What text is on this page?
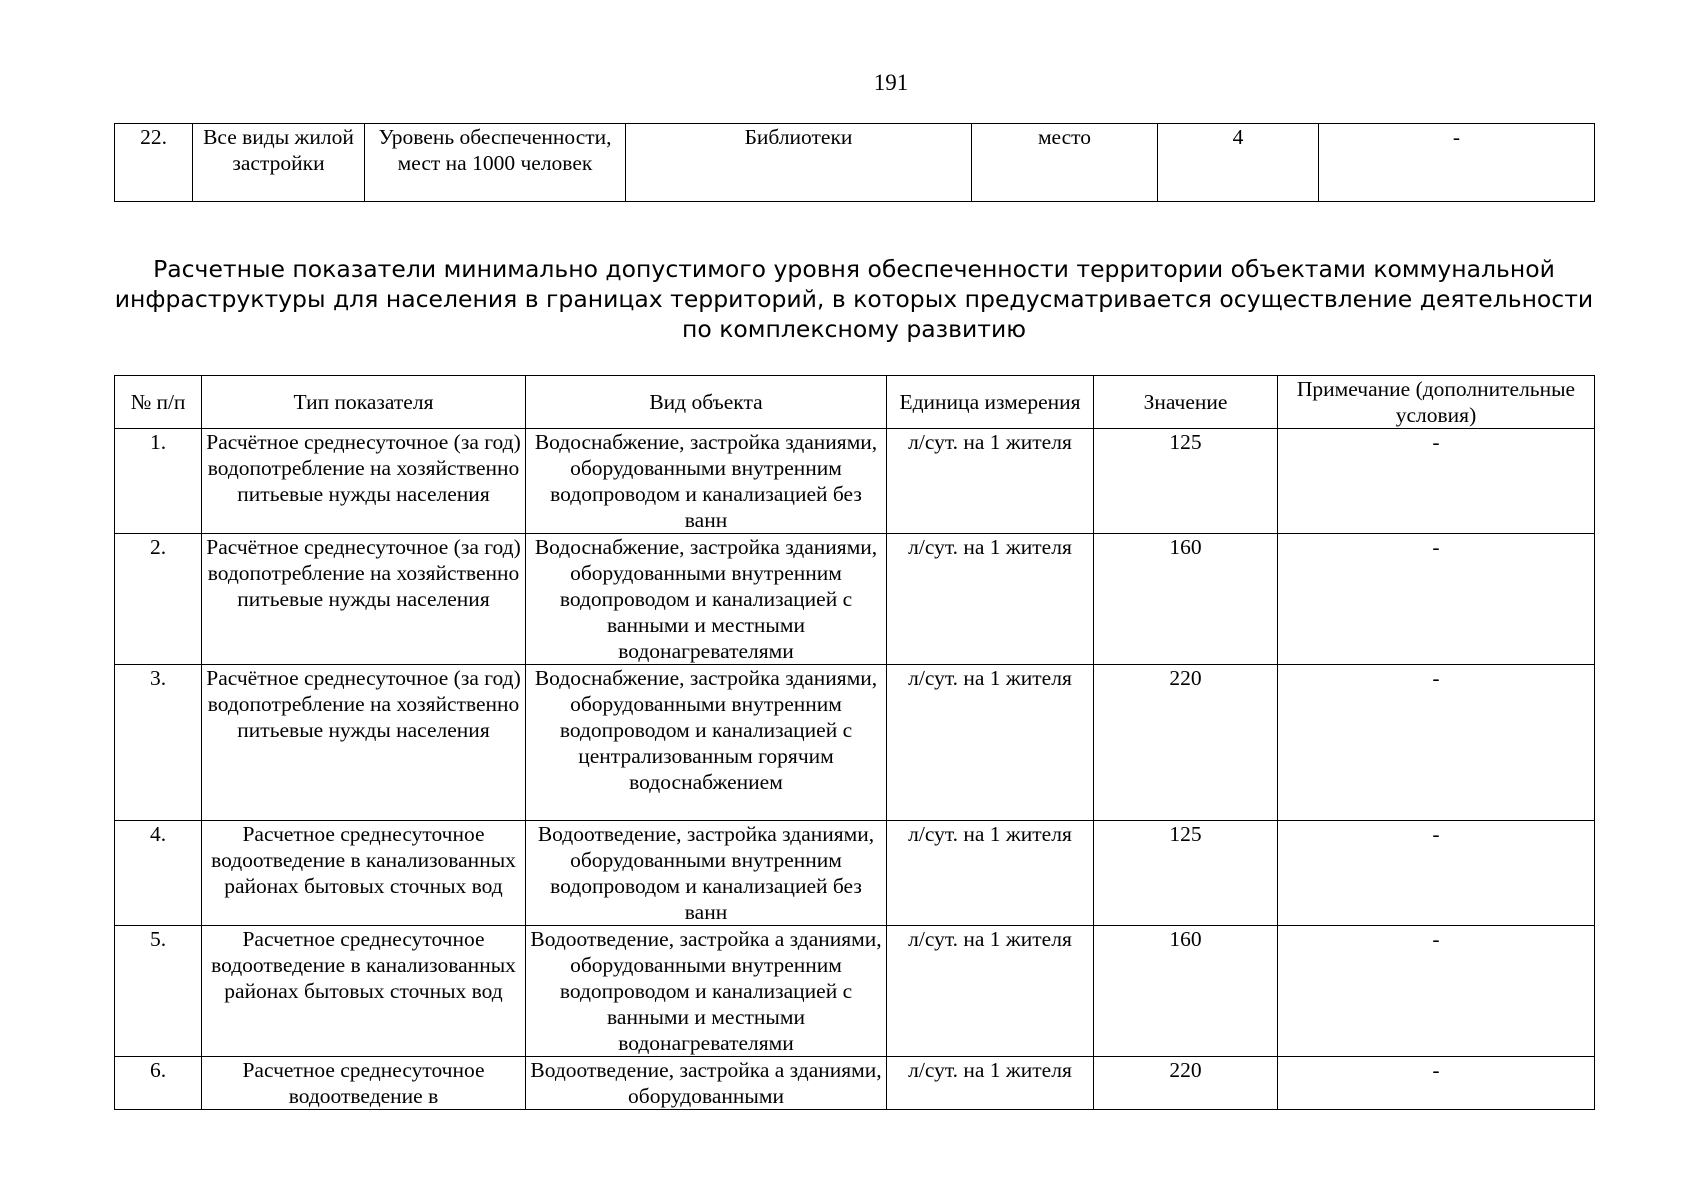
191
22.	Все виды жилой застройки	Уровень обеспеченности, мест на 1000 человек	Библиотеки	место	4	-
Расчетные показатели минимально допустимого уровня обеспеченности территории объектами коммунальной инфраструктуры для населения в границах территорий, в которых предусматривается осуществление деятельности по комплексному развитию
№ п/п	Тип показателя	Вид объекта	Единица измерения	Значение	Примечание (дополнительные условия)
1.	Расчётное среднесуточное (за год) водопотребление на хозяйственно питьевые нужды населения	Водоснабжение, застройка зданиями, оборудованными внутренним водопроводом и канализацией без ванн	л/сут. на 1 жителя	125	-
2.	Расчётное среднесуточное (за год) водопотребление на хозяйственно питьевые нужды населения	Водоснабжение, застройка зданиями, оборудованными внутренним водопроводом и канализацией с ванными и местными водонагревателями	л/сут. на 1 жителя	160	-
3.	Расчётное среднесуточное (за год) водопотребление на хозяйственно питьевые нужды населения	Водоснабжение, застройка зданиями, оборудованными внутренним водопроводом и канализацией с централизованным горячим водоснабжением	л/сут. на 1 жителя	220	-
4.	Расчетное среднесуточное водоотведение в канализованных районах бытовых сточных вод	Водоотведение, застройка зданиями, оборудованными внутренним водопроводом и канализацией без ванн	л/сут. на 1 жителя	125	-
5.	Расчетное среднесуточное водоотведение в канализованных районах бытовых сточных вод	Водоотведение, застройка а зданиями, оборудованными внутренним водопроводом и канализацией с ванными и местными водонагревателями	л/сут. на 1 жителя	160	-
6.	Расчетное среднесуточное водоотведение в	Водоотведение, застройка а зданиями, оборудованными	л/сут. на 1 жителя	220	-
